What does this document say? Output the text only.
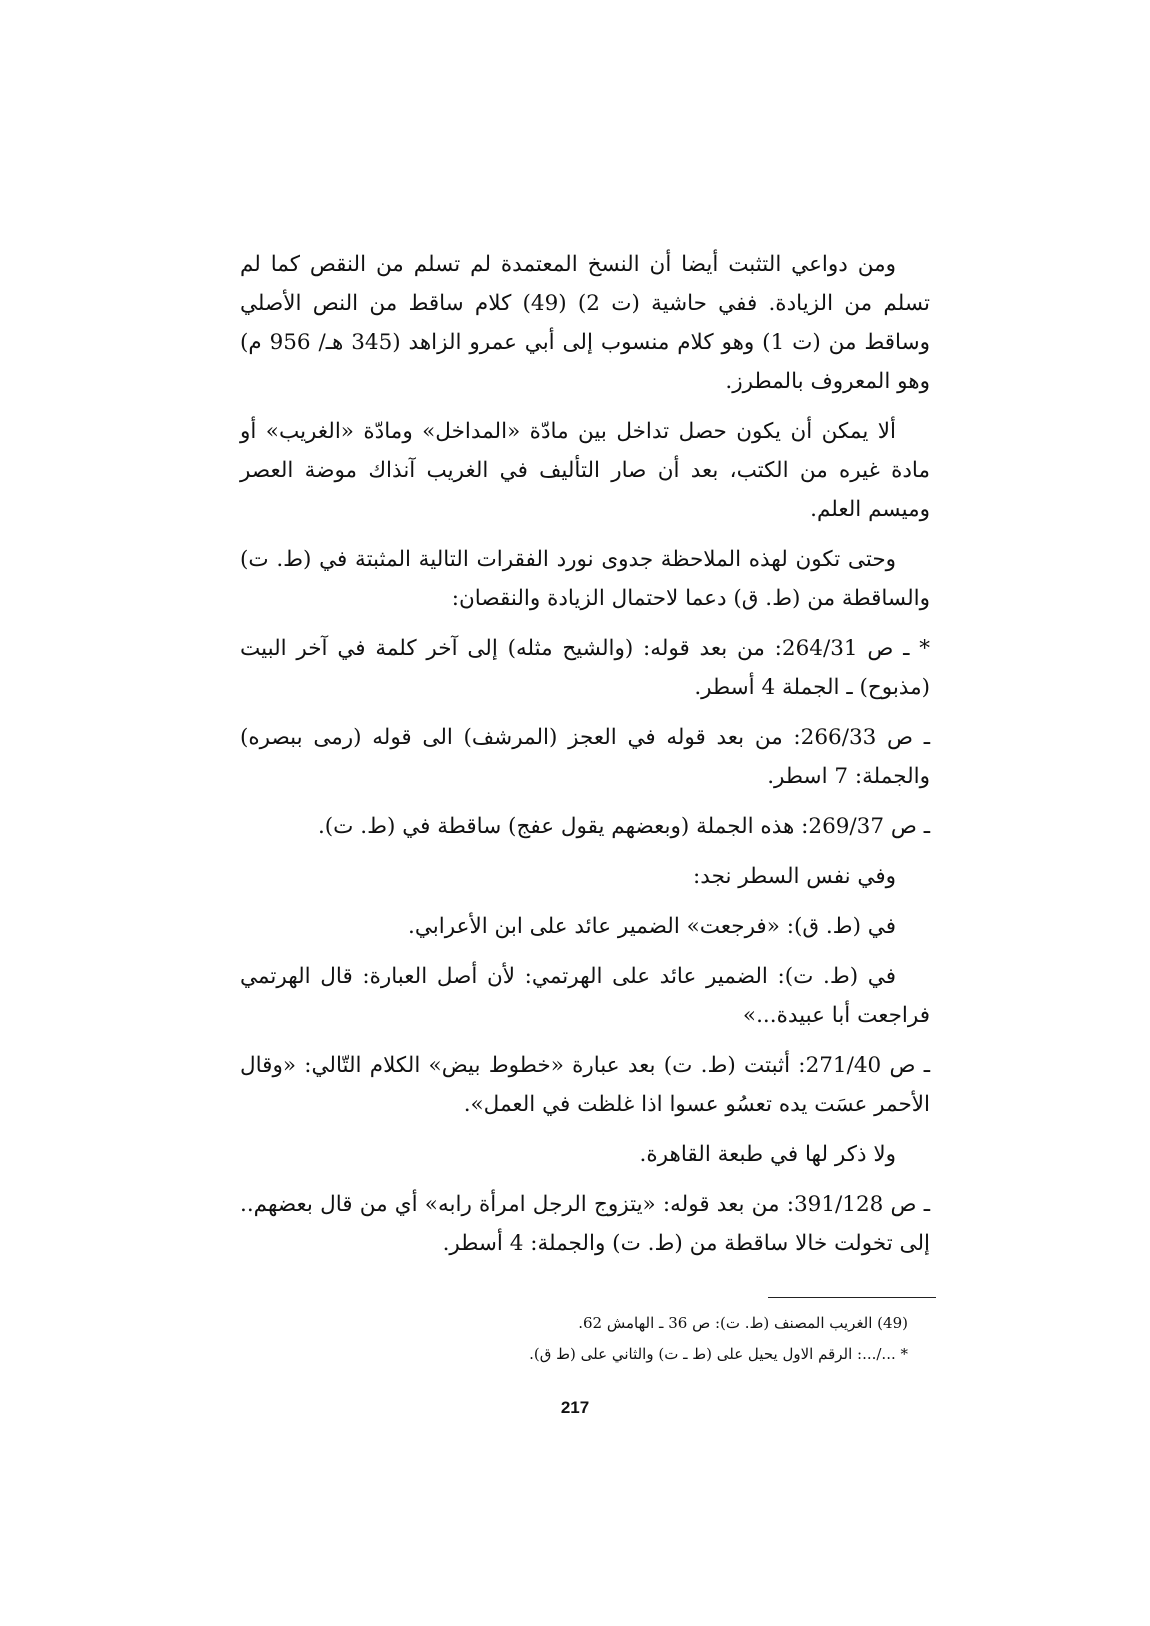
ومن دواعي التثبت أيضا أن النسخ المعتمدة لم تسلم من النقص كما لم تسلم من الزيادة. ففي حاشية (ت 2) (49) كلام ساقط من النص الأصلي وساقط من (ت 1) وهو كلام منسوب إلى أبي عمرو الزاهد (345 هـ/ 956 م) وهو المعروف بالمطرز.

ألا يمكن أن يكون حصل تداخل بين مادّة «المداخل» ومادّة «الغريب» أو مادة غيره من الكتب، بعد أن صار التأليف في الغريب آنذاك موضة العصر وميسم العلم.

وحتى تكون لهذه الملاحظة جدوى نورد الفقرات التالية المثبتة في (ط. ت) والساقطة من (ط. ق) دعما لاحتمال الزيادة والنقصان:

* ـ ص 264/31: من بعد قوله: (والشيح مثله) إلى آخر كلمة في آخر البيت (مذبوح) ـ الجملة 4 أسطر.

ـ ص 266/33: من بعد قوله في العجز (المرشف) الى قوله (رمى ببصره) والجملة: 7 اسطر.

ـ ص 269/37: هذه الجملة (وبعضهم يقول عفج) ساقطة في (ط. ت).

وفي نفس السطر نجد:

في (ط. ق): «فرجعت» الضمير عائد على ابن الأعرابي.

في (ط. ت): الضمير عائد على الهرتمي: لأن أصل العبارة: قال الهرتمي فراجعت أبا عبيدة...»

ـ ص 271/40: أثبتت (ط. ت) بعد عبارة «خطوط بيض» الكلام التّالي: «وقال الأحمر عسَت يده تعسُو عسوا اذا غلظت في العمل».

ولا ذكر لها في طبعة القاهرة.

ـ ص 391/128: من بعد قوله: «يتزوج الرجل امرأة رابه» أي من قال بعضهم.. إلى تخولت خالا ساقطة من (ط. ت) والجملة: 4 أسطر.

(49) الغريب المصنف (ط. ت): ص 36 ـ الهامش 62.

* .../...: الرقم الاول يحيل على (ط ـ ت) والثاني على (ط ق).

217
